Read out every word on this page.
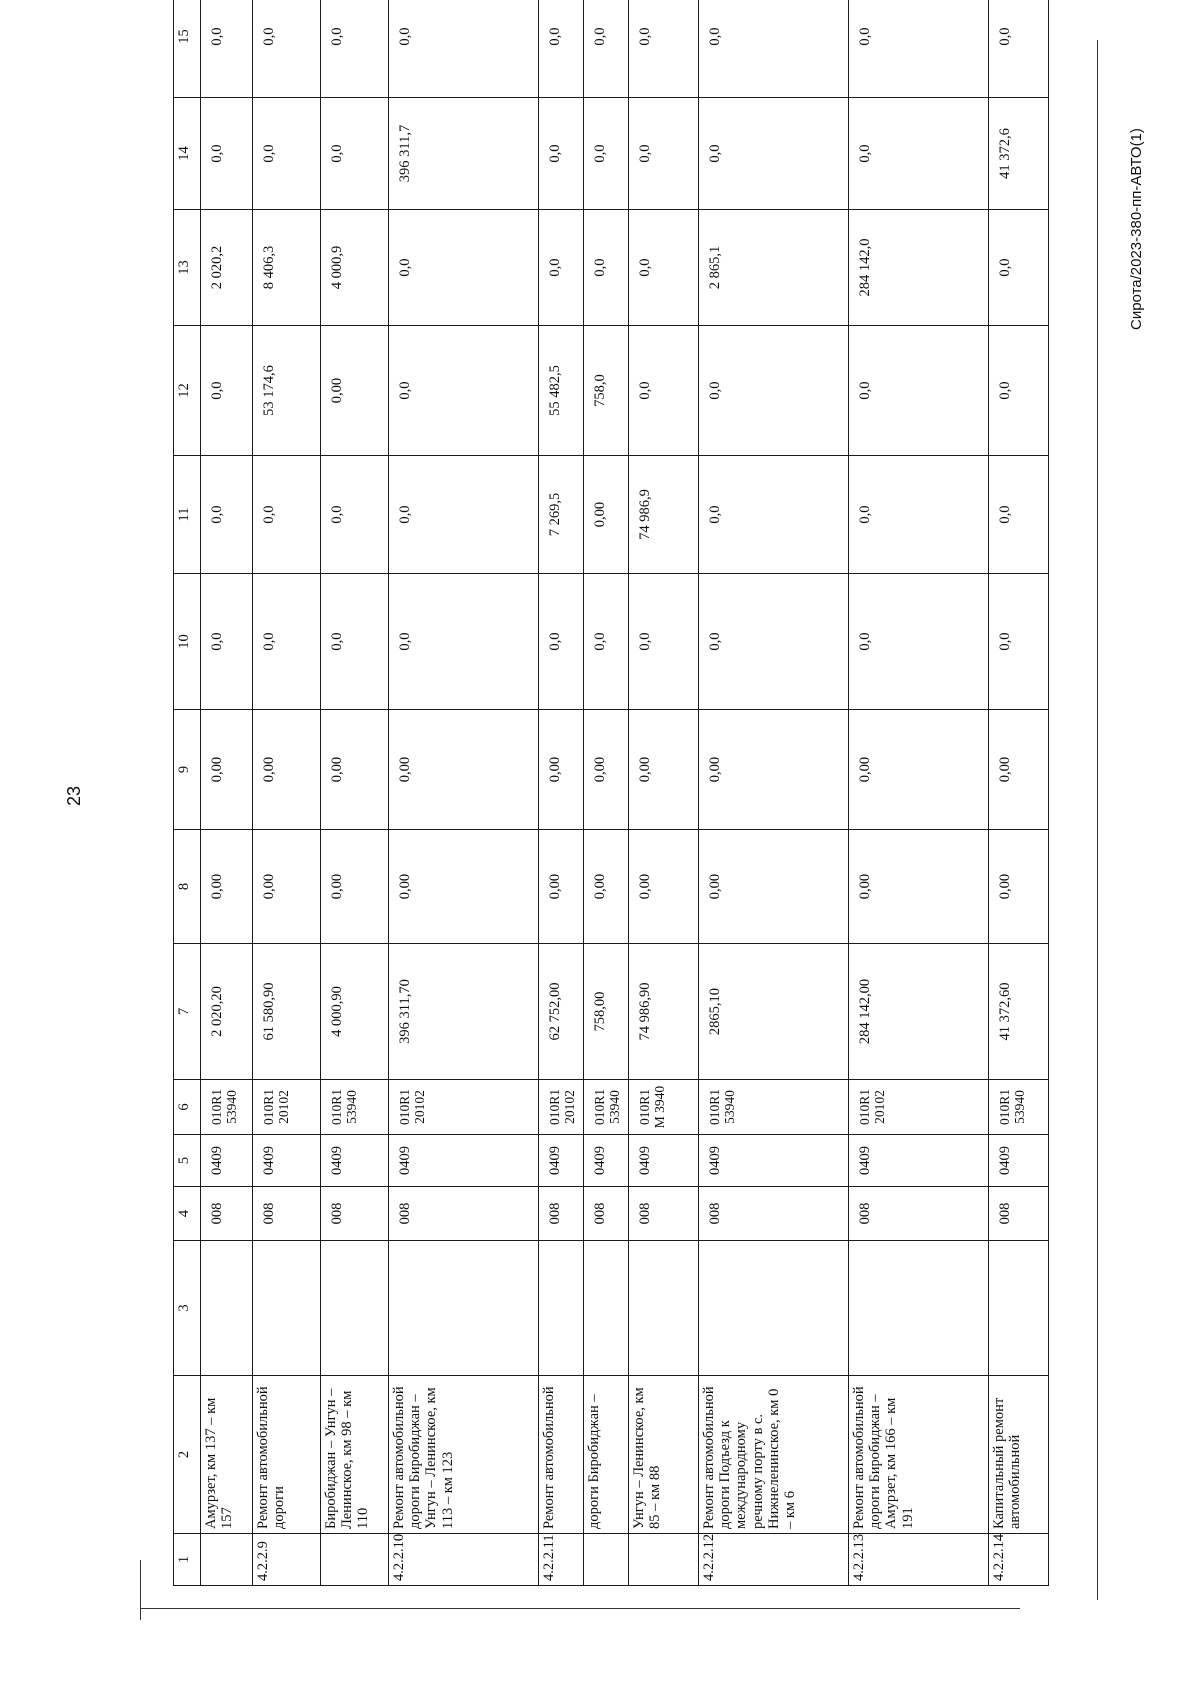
23
Сирота/2023-380-пп-АВТО(1)
1	2	3	4	5	6	7	8	9	10	11	12	13	14	15
	Амурзет, км 137 – км 157		008	0409	010R1 53940	2 020,20	0,00	0,00	0,0	0,0	0,0	2 020,2	0,0	0,0
4.2.2.9	Ремонт автомобильной дороги		008	0409	010R1 20102	61 580,90	0,00	0,00	0,0	0,0	53 174,6	8 406,3	0,0	0,0
	Биробиджан – Унгун – Ленинское, км 98 – км 110		008	0409	010R1 53940	4 000,90	0,00	0,00	0,0	0,0	0,00	4 000,9	0,0	0,0
4.2.2.10	Ремонт автомобильной дороги Биробиджан – Унгун – Ленинское, км 113 – км 123		008	0409	010R1 20102	396 311,70	0,00	0,00	0,0	0,0	0,0	0,0	396 311,7	0,0
4.2.2.11	Ремонт автомобильной		008	0409	010R1 20102	62 752,00	0,00	0,00	0,0	7 269,5	55 482,5	0,0	0,0	0,0
	дороги Биробиджан –		008	0409	010R1 53940	758,00	0,00	0,00	0,0	0,00	758,0	0,0	0,0	0,0
	Унгун – Ленинское, км 85 – км 88		008	0409	010R1 М 3940	74 986,90	0,00	0,00	0,0	74 986,9	0,0	0,0	0,0	0,0
4.2.2.12	Ремонт автомобильной дороги Подъезд к международному речному порту в с. Нижнеленинское, км 0 – км 6		008	0409	010R1 53940	2865,10	0,00	0,00	0,0	0,0	0,0	2 865,1	0,0	0,0
4.2.2.13	Ремонт автомобильной дороги Биробиджан – Амурзет, км 166 – км 191		008	0409	010R1 20102	284 142,00	0,00	0,00	0,0	0,0	0,0	284 142,0	0,0	0,0
4.2.2.14	Капитальный ремонт автомобильной		008	0409	010R1 53940	41 372,60	0,00	0,00	0,0	0,0	0,0	0,0	41 372,6	0,0
